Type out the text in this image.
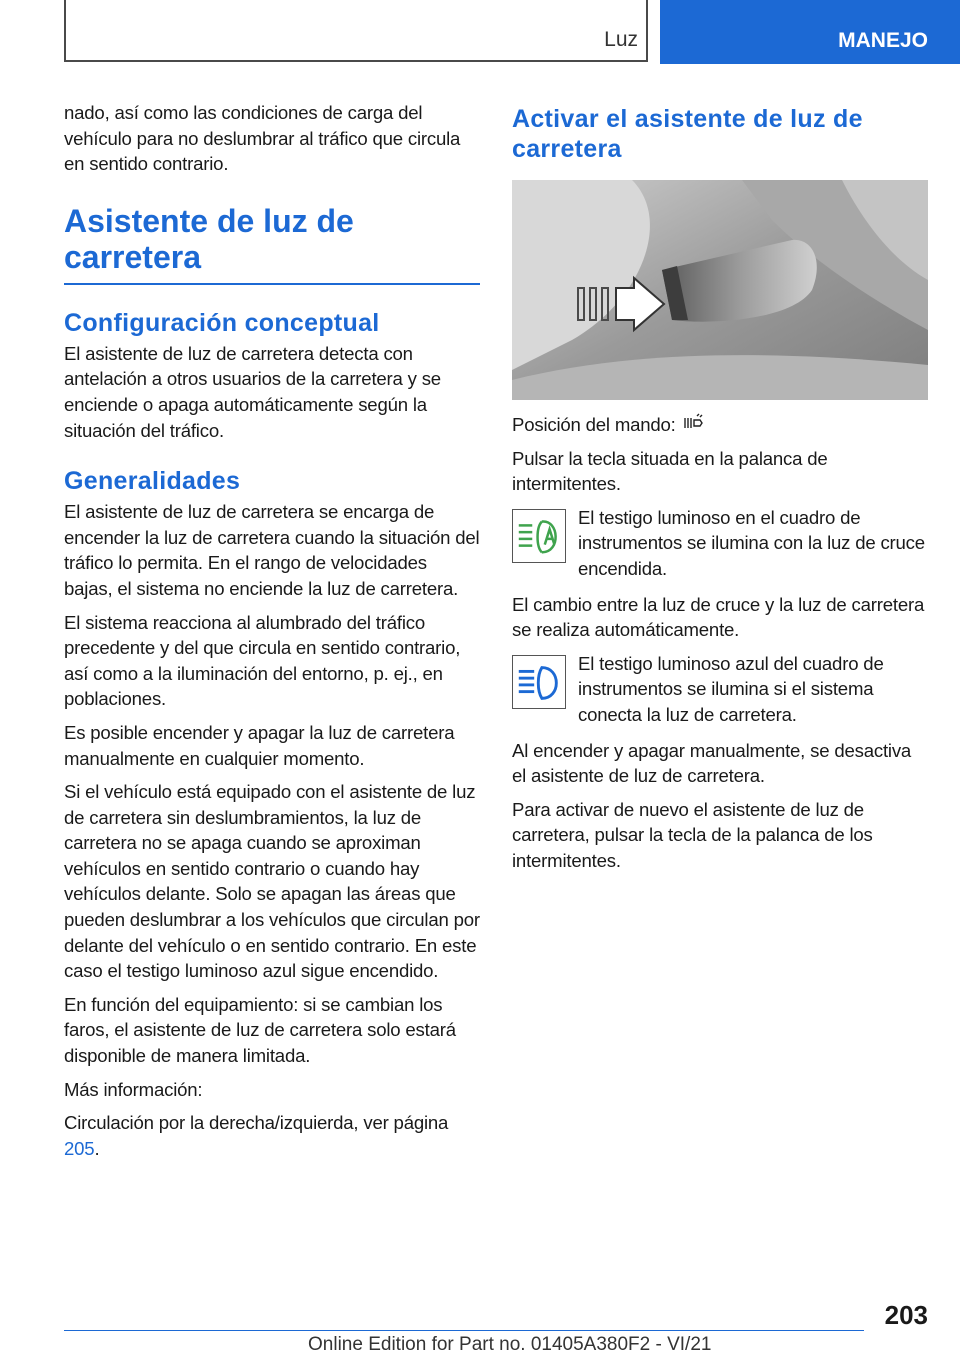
Luz	MANEJO

nado, así como las condiciones de carga del vehículo para no deslumbrar al tráfico que circula en sentido contrario.

Asistente de luz de carretera
Configuración conceptual

El asistente de luz de carretera detecta con antelación a otros usuarios de la carretera y se enciende o apaga automáticamente según la situación del tráfico.

Generalidades

El asistente de luz de carretera se encarga de encender la luz de carretera cuando la situación del tráfico lo permita. En el rango de velocidades bajas, el sistema no enciende la luz de carretera.

El sistema reacciona al alumbrado del tráfico precedente y del que circula en sentido contrario, así como a la iluminación del entorno, p. ej., en poblaciones.

Es posible encender y apagar la luz de carretera manualmente en cualquier momento.

Si el vehículo está equipado con el asistente de luz de carretera sin deslumbramientos, la luz de carretera no se apaga cuando se aproximan vehículos en sentido contrario o cuando hay vehículos delante. Solo se apagan las áreas que pueden deslumbrar a los vehículos que circulan por delante del vehículo o en sentido contrario. En este caso el testigo luminoso azul sigue encendido.

En función del equipamiento: si se cambian los faros, el asistente de luz de carretera solo estará disponible de manera limitada.

Más información:

Circulación por la derecha/izquierda, ver página 205.

Activar el asistente de luz de carretera

Posición del mando:

Pulsar la tecla situada en la palanca de intermitentes.

El testigo luminoso en el cuadro de instrumentos se ilumina con la luz de cruce encendida.

El cambio entre la luz de cruce y la luz de carretera se realiza automáticamente.

El testigo luminoso azul del cuadro de instrumentos se ilumina si el sistema conecta la luz de carretera.

Al encender y apagar manualmente, se desactiva el asistente de luz de carretera.

Para activar de nuevo el asistente de luz de carretera, pulsar la tecla de la palanca de los intermitentes.

203
Online Edition for Part no. 01405A380F2 - VI/21
